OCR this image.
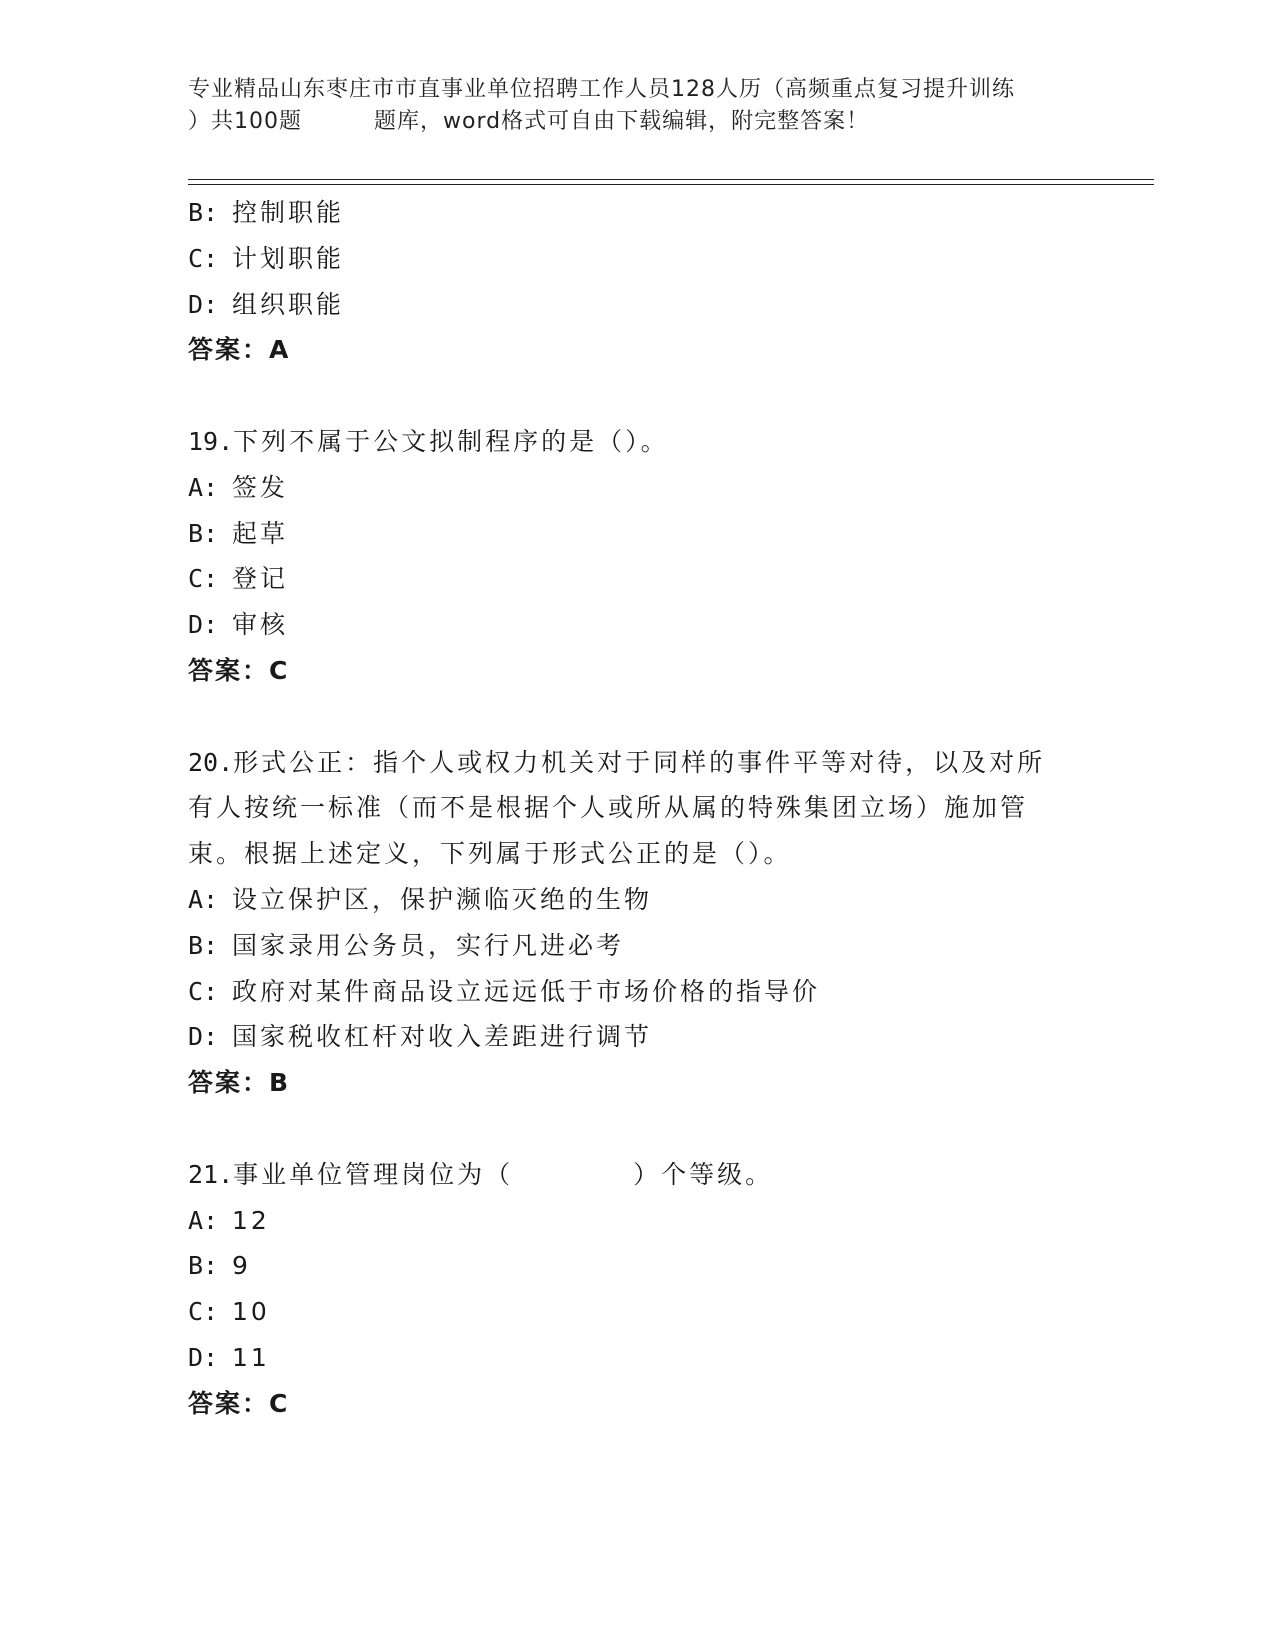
专业精品山东枣庄市市直事业单位招聘工作人员128人历（高频重点复习提升训练
）共100题	题库，word格式可自由下载编辑，附完整答案！
B: 控制职能
C: 计划职能
D: 组织职能
答案：A
19.下列不属于公文拟制程序的是（）。
A: 签发
B: 起草
C: 登记
D: 审核
答案：C
20.形式公正：指个人或权力机关对于同样的事件平等对待，以及对所
有人按统一标准（而不是根据个人或所从属的特殊集团立场）施加管
束。根据上述定义，下列属于形式公正的是（）。
A: 设立保护区，保护濒临灭绝的生物
B: 国家录用公务员，实行凡进必考
C: 政府对某件商品设立远远低于市场价格的指导价
D: 国家税收杠杆对收入差距进行调节
答案：B
21.事业单位管理岗位为（	）个等级。
A: 12
B: 9
C: 10
D: 11
答案：C
